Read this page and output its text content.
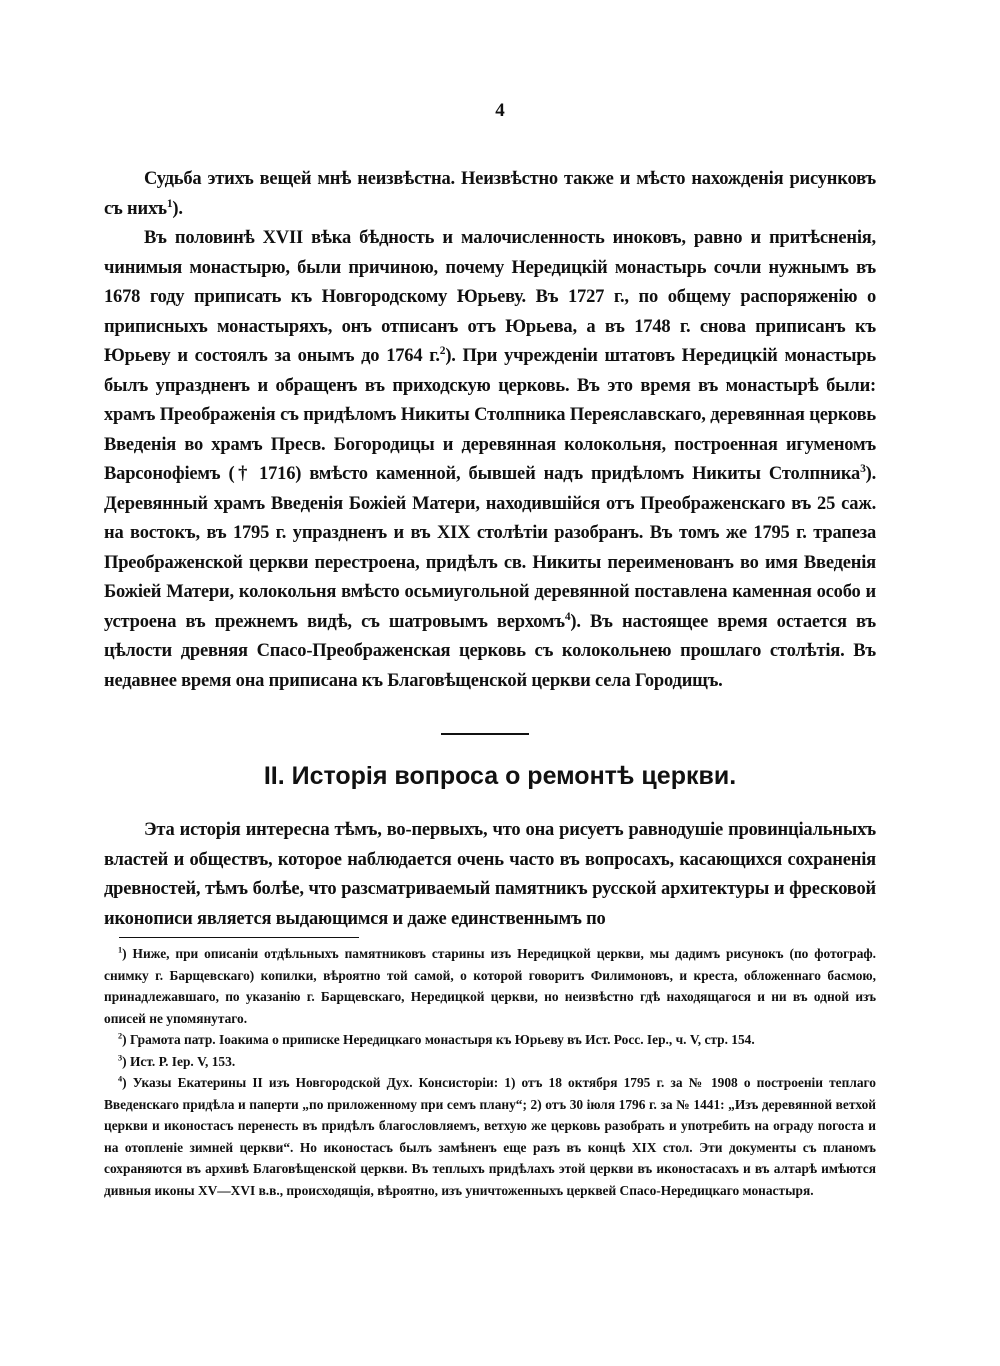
4

Судьба этихъ вещей мнѣ неизвѣстна. Неизвѣстно также и мѣсто нахожденія рисунковъ съ нихъ$^1$).

Въ половинѣ XVII вѣка бѣдность и малочисленность иноковъ, равно и притѣсненія, чинимыя монастырю, были причиною, почему Нередицкій монастырь сочли нужнымъ въ 1678 году приписать къ Новгородскому Юрьеву. Въ 1727 г., по общему распоряженію о приписныхъ монастыряхъ, онъ отписанъ отъ Юрьева, а въ 1748 г. снова приписанъ къ Юрьеву и состоялъ за онымъ до 1764 г.$^2$). При учрежденіи штатовъ Нередицкій монастырь былъ упраздненъ и обращенъ въ приходскую церковь. Въ это время въ монастырѣ были: храмъ Преображенія съ придѣломъ Никиты Столпника Переяславскаго, деревянная церковь Введенія во храмъ Пресв. Богородицы и деревянная колокольня, построенная игуменомъ Варсонофіемъ († 1716) вмѣсто каменной, бывшей надъ придѣломъ Никиты Столпника$^3$). Деревянный храмъ Введенія Божіей Матери, находившійся отъ Преображенскаго въ 25 саж. на востокъ, въ 1795 г. упраздненъ и въ XIX столѣтіи разобранъ. Въ томъ же 1795 г. трапеза Преображенской церкви перестроена, придѣлъ св. Никиты переименованъ во имя Введенія Божіей Матери, колокольня вмѣсто осьмиугольной деревянной поставлена каменная особо и устроена въ прежнемъ видѣ, съ шатровымъ верхомъ$^4$). Въ настоящее время остается въ цѣлости древняя Спасо-Преображенская церковь съ колокольнею прошлаго столѣтія. Въ недавнее время она приписана къ Благовѣщенской церкви села Городищъ.

II. Исторія вопроса о ремонтѣ церкви.

Эта исторія интересна тѣмъ, во-первыхъ, что она рисуетъ равнодушіе провинціальныхъ властей и обществъ, которое наблюдается очень часто въ вопросахъ, касающихся сохраненія древностей, тѣмъ болѣе, что разсматриваемый памятникъ русской архитектуры и фресковой иконописи является выдающимся и даже единственнымъ по

$^1$) Ниже, при описаніи отдѣльныхъ памятниковъ старины изъ Нередицкой церкви, мы дадимъ рисунокъ (по фотограф. снимку г. Барщевскаго) копилки, вѣроятно той самой, о которой говоритъ Филимоновъ, и креста, обложеннаго басмою, принадлежавшаго, по указанію г. Барщевскаго, Нередицкой церкви, но неизвѣстно гдѣ находящагося и ни въ одной изъ описей не упомянутаго.

$^2$) Грамота патр. Іоакима о приписке Нередицкаго монастыря къ Юрьеву въ Ист. Росс. Іер., ч. V, стр. 154.

$^3$) Ист. Р. Іер. V, 153.

$^4$) Указы Екатерины II изъ Новгородской Дух. Консисторіи: 1) отъ 18 октября 1795 г. за № 1908 о построеніи теплаго Введенскаго придѣла и паперти „по приложенному при семъ плану“; 2) отъ 30 іюля 1796 г. за № 1441: „Изъ деревянной ветхой церкви и иконостасъ перенесть въ придѣлъ благословляемъ, ветхую же церковь разобрать и употребить на ограду погоста и на отопленіе зимней церкви“. Но иконостасъ былъ замѣненъ еще разъ въ концѣ XIX стол. Эти документы съ планомъ сохраняются въ архивѣ Благовѣщенской церкви. Въ теплыхъ придѣлахъ этой церкви въ иконостасахъ и въ алтарѣ имѣются дивныя иконы XV—XVI в.в., происходящія, вѣроятно, изъ уничтоженныхъ церквей Спасо-Нередицкаго монастыря.
